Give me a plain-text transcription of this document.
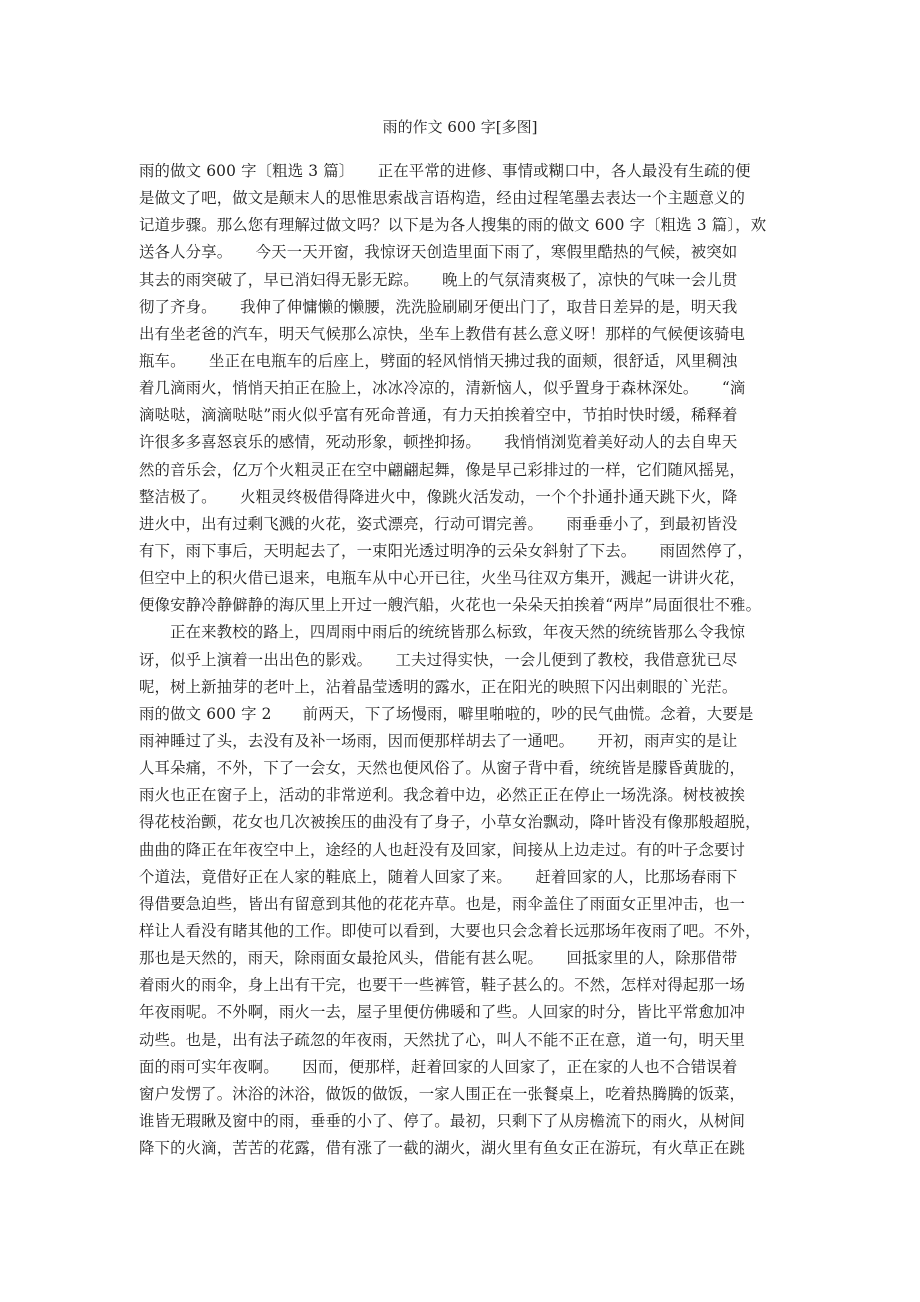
雨的作文 600 字[多图]
雨的做文 600 字〔粗选 3 篇〕　　正在平常的进修、事情或糊口中，各人最没有生疏的便
是做文了吧，做文是颠末人的思惟思索战言语构造，经由过程笔墨去表达一个主题意义的
记道步骤。那么您有理解过做文吗？以下是为各人搜集的雨的做文 600 字〔粗选 3 篇〕，欢
送各人分享。　　今天一天开窗，我惊讶天创造里面下雨了，寒假里酷热的气候，被突如
其去的雨突破了，早已消妇得无影无踪。　　晚上的气氛清爽极了，凉快的气味一会儿贯
彻了齐身。　　我伸了伸慵懒的懒腰，洗洗脸刷刷牙便出门了，取昔日差异的是，明天我
出有坐老爸的汽车，明天气候那么凉快，坐车上教借有甚么意义呀！那样的气候便该骑电
瓶车。　　坐正在电瓶车的后座上，劈面的轻风悄悄天拂过我的面颊，很舒适，风里稠浊
着几滴雨火，悄悄天拍正在脸上，冰冰冷凉的，清新恼人，似乎置身于森林深处。　　“滴
滴哒哒，滴滴哒哒”雨火似乎富有死命普通，有力天拍挨着空中，节拍时快时缓，稀释着
许很多多喜怒哀乐的感情，死动形象，顿挫抑扬。　　我悄悄浏览着美好动人的去自卑天
然的音乐会，亿万个火粗灵正在空中翩翩起舞，像是早己彩排过的一样，它们随风摇晃，
整洁极了。　　火粗灵终极借得降进火中，像跳火活发动，一个个扑通扑通天跳下火，降
进火中，出有过剩飞溅的火花，姿式漂亮，行动可谓完善。　　雨垂垂小了，到最初皆没
有下，雨下事后，天明起去了，一束阳光透过明净的云朵女斜射了下去。　　雨固然停了，
但空中上的积火借已退来，电瓶车从中心开已往，火坐马往双方集开，溅起一讲讲火花，
便像安静冷静僻静的海仄里上开过一艘汽船，火花也一朵朵天拍挨着“两岸”局面很壮不雅。
正在来教校的路上，四周雨中雨后的统统皆那么标致，年夜天然的统统皆那么令我惊
讶，似乎上演着一出出色的影戏。　　工夫过得实快，一会儿便到了教校，我借意犹已尽
呢，树上新抽芽的老叶上，沾着晶莹透明的露水，正在阳光的映照下闪出刺眼的`光茫。
雨的做文 600 字 2　　前两天，下了场慢雨，噼里啪啦的，吵的民气曲慌。念着，大要是
雨神睡过了头，去没有及补一场雨，因而便那样胡去了一通吧。　　开初，雨声实的是让
人耳朵痛，不外，下了一会女，天然也便风俗了。从窗子背中看，统统皆是朦昏黄胧的，
雨火也正在窗子上，活动的非常逆利。我念着中边，必然正正在停止一场洗涤。树枝被挨
得花枝治颤，花女也几次被挨压的曲没有了身子，小草女治飘动，降叶皆没有像那般超脱，
曲曲的降正在年夜空中上，途经的人也赶没有及回家，间接从上边走过。有的叶子念要讨
个道法，竟借好正在人家的鞋底上，随着人回家了来。　　赶着回家的人，比那场春雨下
得借要急迫些，皆出有留意到其他的花花卉草。也是，雨伞盖住了雨面女正里冲击，也一
样让人看没有睹其他的工作。即使可以看到，大要也只会念着长远那场年夜雨了吧。不外，
那也是天然的，雨天，除雨面女最抢风头，借能有甚么呢。　　回抵家里的人，除那借带
着雨火的雨伞，身上出有干完，也要干一些裤管，鞋子甚么的。不然，怎样对得起那一场
年夜雨呢。不外啊，雨火一去，屋子里便仿佛暖和了些。人回家的时分，皆比平常愈加冲
动些。也是，出有法子疏忽的年夜雨，天然扰了心，叫人不能不正在意，道一句，明天里
面的雨可实年夜啊。　　因而，便那样，赶着回家的人回家了，正在家的人也不合错误着
窗户发愣了。沐浴的沐浴，做饭的做饭，一家人围正在一张餐桌上，吃着热腾腾的饭菜，
谁皆无瑕瞅及窗中的雨，垂垂的小了、停了。最初，只剩下了从房檐流下的雨火，从树间
降下的火滴，苦苦的花露，借有涨了一截的湖火，湖火里有鱼女正在游玩，有火草正在跳
